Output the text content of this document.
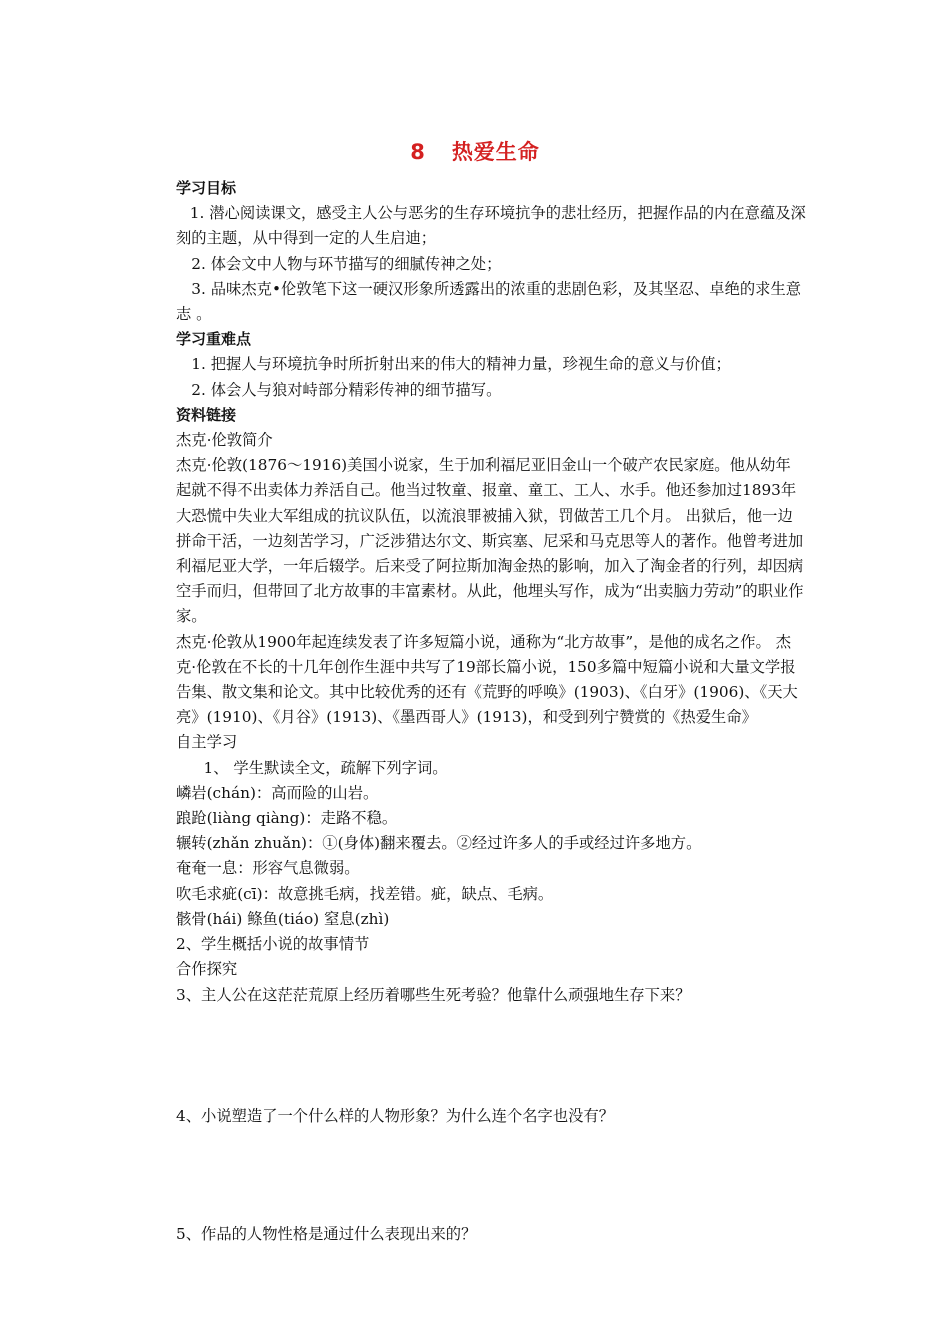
8 热爱生命

学习目标

1. 潜心阅读课文，感受主人公与恶劣的生存环境抗争的悲壮经历，把握作品的内在意蕴及深刻的主题，从中得到一定的人生启迪；

2. 体会文中人物与环节描写的细腻传神之处；

3. 品味杰克•伦敦笔下这一硬汉形象所透露出的浓重的悲剧色彩，及其坚忍、卓绝的求生意志 。

学习重难点

1. 把握人与环境抗争时所折射出来的伟大的精神力量，珍视生命的意义与价值；

2. 体会人与狼对峙部分精彩传神的细节描写。

资料链接

杰克·伦敦简介

杰克·伦敦(1876～1916)美国小说家，生于加利福尼亚旧金山一个破产农民家庭。他从幼年起就不得不出卖体力养活自己。他当过牧童、报童、童工、工人、水手。他还参加过1893年大恐慌中失业大军组成的抗议队伍，以流浪罪被捕入狱，罚做苦工几个月。 出狱后，他一边拼命干活，一边刻苦学习，广泛涉猎达尔文、斯宾塞、尼采和马克思等人的著作。他曾考进加利福尼亚大学，一年后辍学。后来受了阿拉斯加淘金热的影响，加入了淘金者的行列，却因病空手而归，但带回了北方故事的丰富素材。从此，他埋头写作，成为“出卖脑力劳动”的职业作家。

杰克·伦敦从1900年起连续发表了许多短篇小说，通称为“北方故事”，是他的成名之作。 杰克·伦敦在不长的十几年创作生涯中共写了19部长篇小说，150多篇中短篇小说和大量文学报告集、散文集和论文。其中比较优秀的还有《荒野的呼唤》(1903)、《白牙》(1906)、《天大亮》(1910)、《月谷》(1913)、《墨西哥人》(1913)，和受到列宁赞赏的《热爱生命》

自主学习

1、 学生默读全文，疏解下列字词。

嶙岩(chán)：高而险的山岩。

踉跄(liàng qiàng)：走路不稳。

辗转(zhǎn zhuǎn)：①(身体)翻来覆去。②经过许多人的手或经过许多地方。

奄奄一息：形容气息微弱。

吹毛求疵(cī)：故意挑毛病，找差错。疵，缺点、毛病。

骸骨(hái) 鲦鱼(tiáo) 窒息(zhì)

2、学生概括小说的故事情节

合作探究

3、主人公在这茫茫荒原上经历着哪些生死考验？他靠什么顽强地生存下来？

4、小说塑造了一个什么样的人物形象？为什么连个名字也没有？

5、作品的人物性格是通过什么表现出来的？
